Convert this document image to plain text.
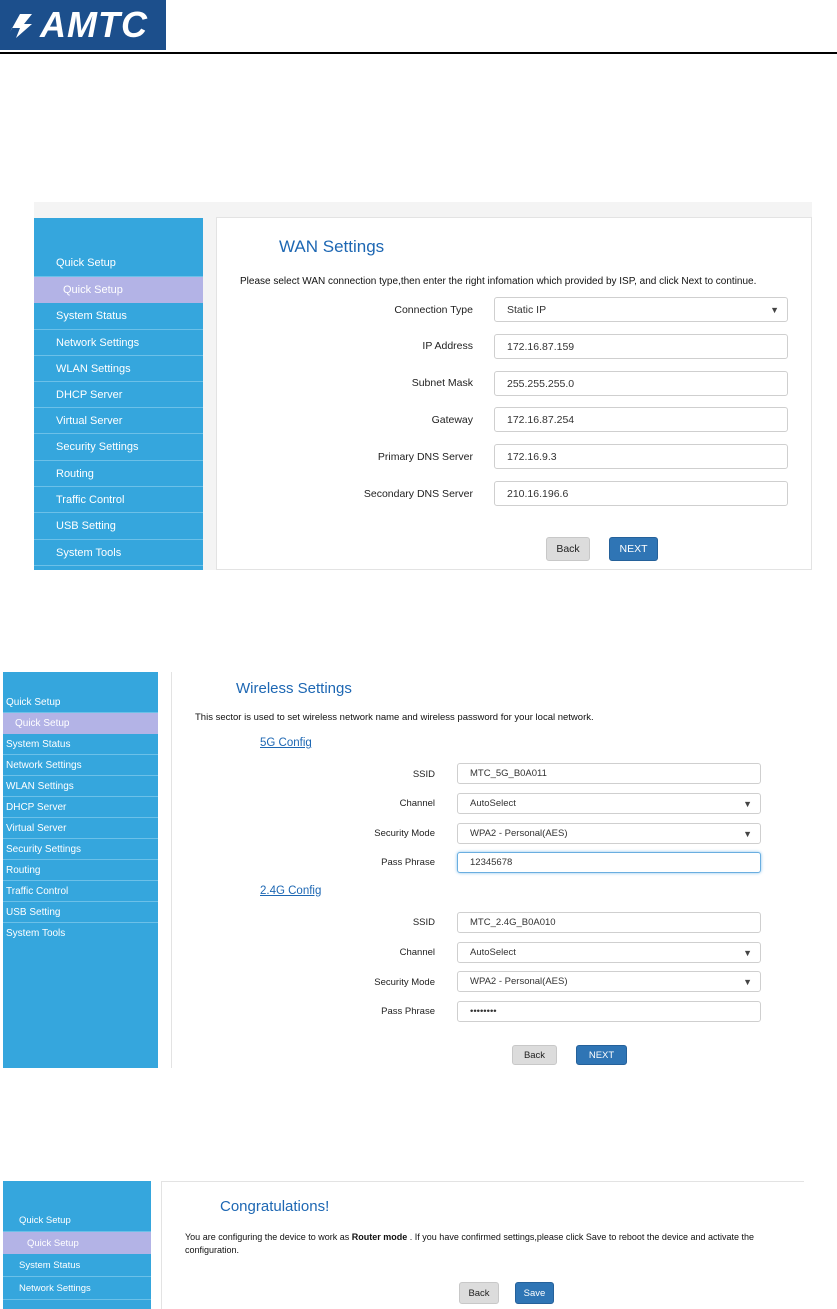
AMTC
Quick Setup
Quick Setup
System Status
Network Settings
WLAN Settings
DHCP Server
Virtual Server
Security Settings
Routing
Traffic Control
USB Setting
System Tools
WAN Settings
Please select WAN connection type,then enter the right infomation which provided by ISP, and click Next to continue.
Connection Type	Static IP	▼
IP Address	172.16.87.159
Subnet Mask	255.255.255.0
Gateway	172.16.87.254
Primary DNS Server	172.16.9.3
Secondary DNS Server	210.16.196.6
Back	NEXT
Quick Setup
Quick Setup
System Status
Network Settings
WLAN Settings
DHCP Server
Virtual Server
Security Settings
Routing
Traffic Control
USB Setting
System Tools
Wireless Settings
This sector is used to set wireless network name and wireless password for your local network.
5G Config
SSID	MTC_5G_B0A011
Channel	AutoSelect	▼
Security Mode	WPA2 - Personal(AES)	▼
Pass Phrase	12345678
2.4G Config
SSID	MTC_2.4G_B0A010
Channel	AutoSelect	▼
Security Mode	WPA2 - Personal(AES)	▼
Pass Phrase	••••••••
Back	NEXT
Quick Setup
Quick Setup
System Status
Network Settings
Congratulations!
You are configuring the device to work as Router mode . If you have confirmed settings,please click Save to reboot the device and activate the
configuration.
Back	Save
